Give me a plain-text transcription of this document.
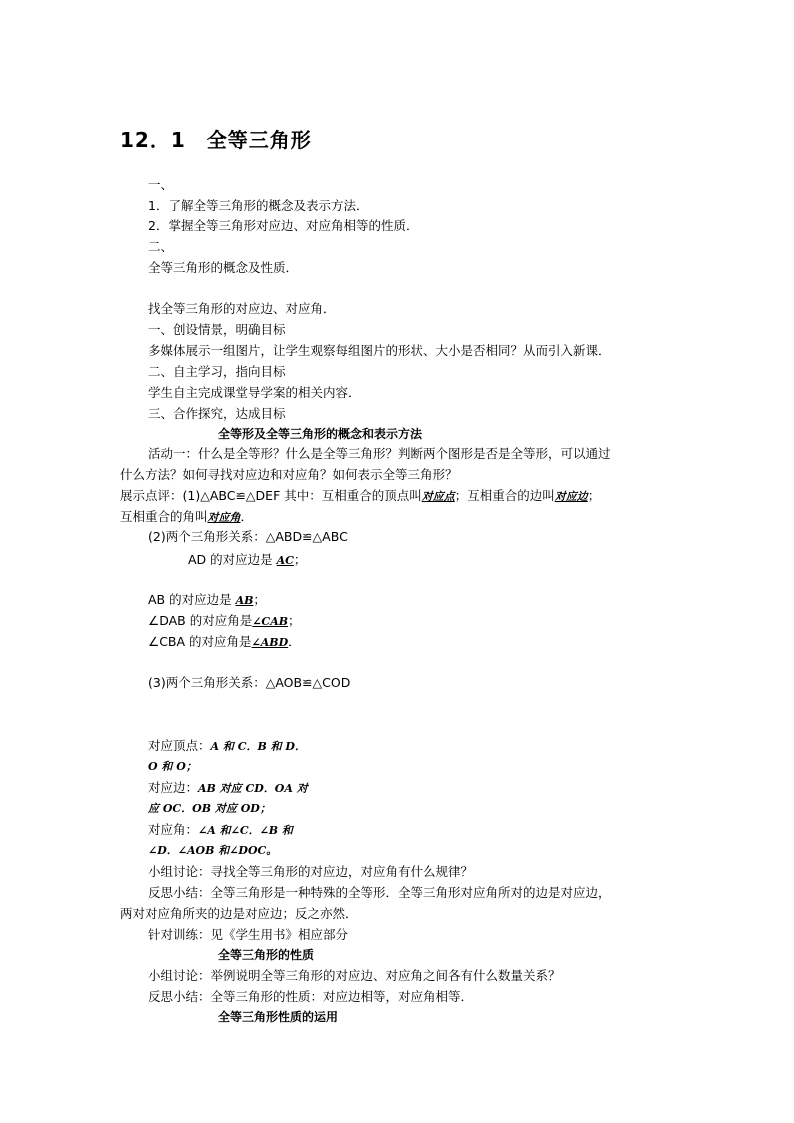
12．1　全等三角形
一、
1．了解全等三角形的概念及表示方法．
2．掌握全等三角形对应边、对应角相等的性质．
二、
全等三角形的概念及性质．
找全等三角形的对应边、对应角．
一、创设情景，明确目标
多媒体展示一组图片，让学生观察每组图片的形状、大小是否相同？从而引入新课．
二、自主学习，指向目标
学生自主完成课堂导学案的相关内容．
三、合作探究，达成目标
全等形及全等三角形的概念和表示方法
活动一：什么是全等形？什么是全等三角形？判断两个图形是否是全等形，可以通过
什么方法？如何寻找对应边和对应角？如何表示全等三角形？
展示点评：(1)△ABC≌△DEF 其中：互相重合的顶点叫对应点；互相重合的边叫对应边；
互相重合的角叫对应角．
(2)两个三角形关系：△ABD≌△ABC
AD 的对应边是 AC；
AB 的对应边是 AB；
∠DAB 的对应角是∠CAB；
∠CBA 的对应角是∠ABD．
(3)两个三角形关系：△AOB≌△COD
对应顶点：A 和 C．B 和 D．
O 和 O；
对应边：AB 对应 CD．OA 对
应 OC．OB 对应 OD；
对应角：∠A 和∠C．∠B 和
∠D．∠AOB 和∠DOC。
小组讨论：寻找全等三角形的对应边，对应角有什么规律？
反思小结：全等三角形是一种特殊的全等形．全等三角形对应角所对的边是对应边，
两对对应角所夹的边是对应边；反之亦然．
针对训练：见《学生用书》相应部分
全等三角形的性质
小组讨论：举例说明全等三角形的对应边、对应角之间各有什么数量关系？
反思小结：全等三角形的性质：对应边相等，对应角相等．
全等三角形性质的运用
